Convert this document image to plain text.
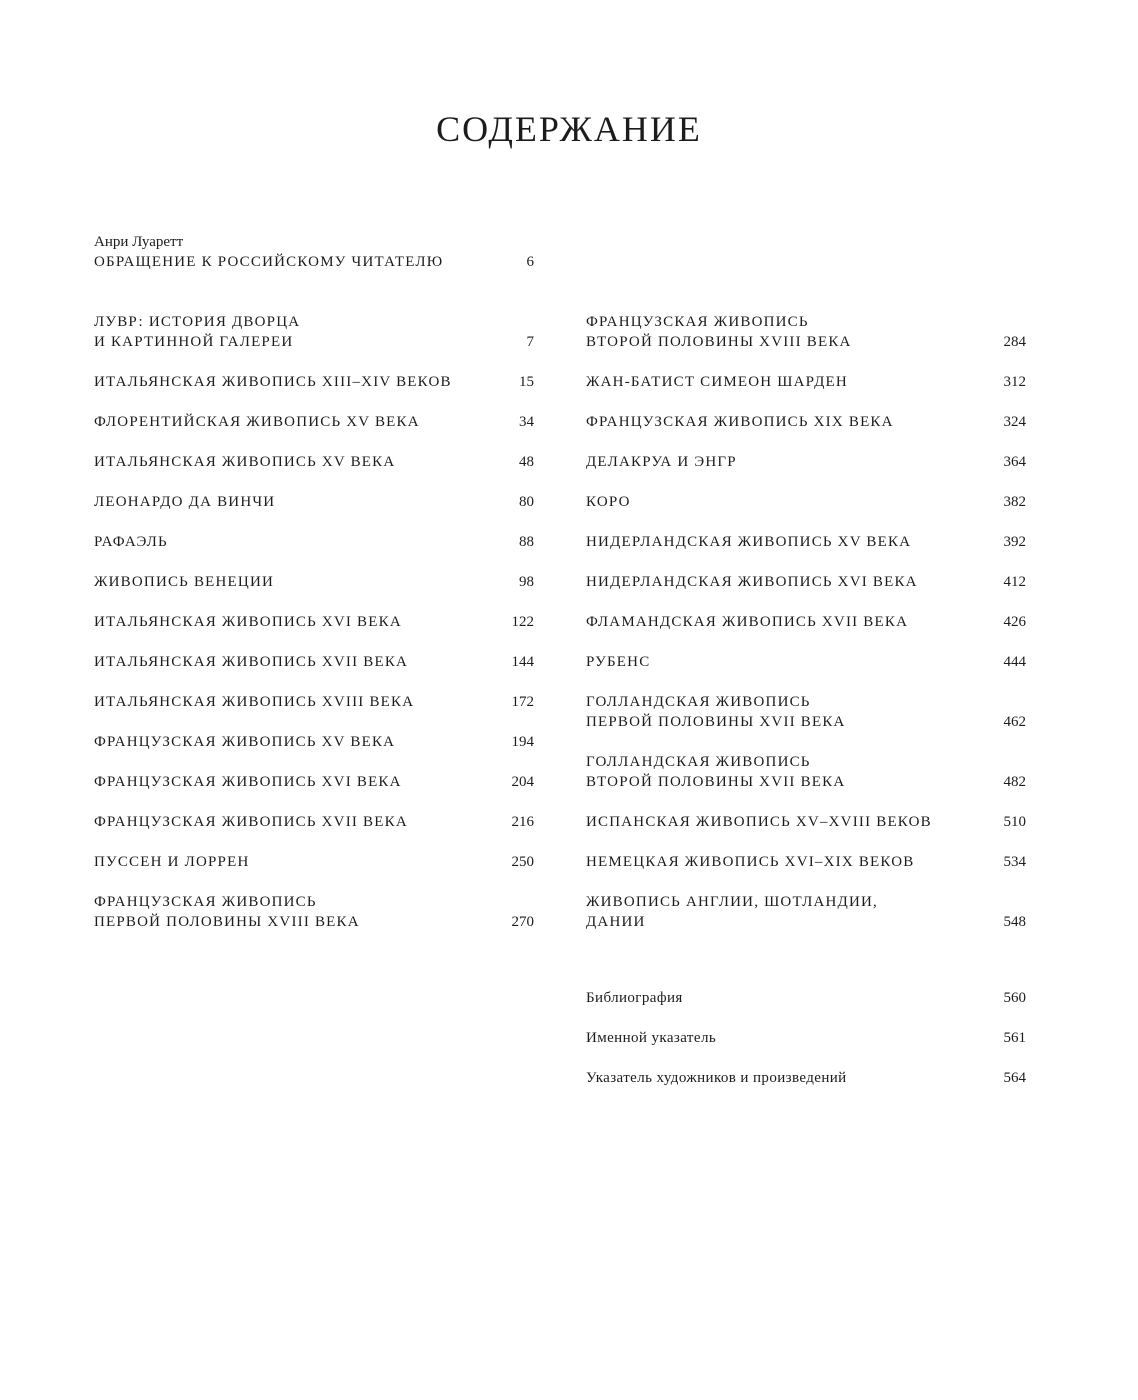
СОДЕРЖАНИЕ
Анри Луаретт
ОБРАЩЕНИЕ К РОССИЙСКОМУ ЧИТАТЕЛЮ	6
ЛУВР: ИСТОРИЯ ДВОРЦА
И КАРТИННОЙ ГАЛЕРЕИ	7
ИТАЛЬЯНСКАЯ ЖИВОПИСЬ XIII–XIV ВЕКОВ	15
ФЛОРЕНТИЙСКАЯ ЖИВОПИСЬ XV ВЕКА	34
ИТАЛЬЯНСКАЯ ЖИВОПИСЬ XV ВЕКА	48
ЛЕОНАРДО ДА ВИНЧИ	80
РАФАЭЛЬ	88
ЖИВОПИСЬ ВЕНЕЦИИ	98
ИТАЛЬЯНСКАЯ ЖИВОПИСЬ XVI ВЕКА	122
ИТАЛЬЯНСКАЯ ЖИВОПИСЬ XVII ВЕКА	144
ИТАЛЬЯНСКАЯ ЖИВОПИСЬ XVIII ВЕКА	172
ФРАНЦУЗСКАЯ ЖИВОПИСЬ XV ВЕКА	194
ФРАНЦУЗСКАЯ ЖИВОПИСЬ XVI ВЕКА	204
ФРАНЦУЗСКАЯ ЖИВОПИСЬ XVII ВЕКА	216
ПУССЕН И ЛОРРЕН	250
ФРАНЦУЗСКАЯ ЖИВОПИСЬ
ПЕРВОЙ ПОЛОВИНЫ XVIII ВЕКА	270
ФРАНЦУЗСКАЯ ЖИВОПИСЬ
ВТОРОЙ ПОЛОВИНЫ XVIII ВЕКА	284
ЖАН-БАТИСТ СИМЕОН ШАРДЕН	312
ФРАНЦУЗСКАЯ ЖИВОПИСЬ XIX ВЕКА	324
ДЕЛАКРУА И ЭНГР	364
КОРО	382
НИДЕРЛАНДСКАЯ ЖИВОПИСЬ XV ВЕКА	392
НИДЕРЛАНДСКАЯ ЖИВОПИСЬ XVI ВЕКА	412
ФЛАМАНДСКАЯ ЖИВОПИСЬ XVII ВЕКА	426
РУБЕНС	444
ГОЛЛАНДСКАЯ ЖИВОПИСЬ
ПЕРВОЙ ПОЛОВИНЫ XVII ВЕКА	462
ГОЛЛАНДСКАЯ ЖИВОПИСЬ
ВТОРОЙ ПОЛОВИНЫ XVII ВЕКА	482
ИСПАНСКАЯ ЖИВОПИСЬ XV–XVIII ВЕКОВ	510
НЕМЕЦКАЯ ЖИВОПИСЬ XVI–XIX ВЕКОВ	534
ЖИВОПИСЬ АНГЛИИ, ШОТЛАНДИИ,
ДАНИИ	548
Библиография	560
Именной указатель	561
Указатель художников и произведений	564
